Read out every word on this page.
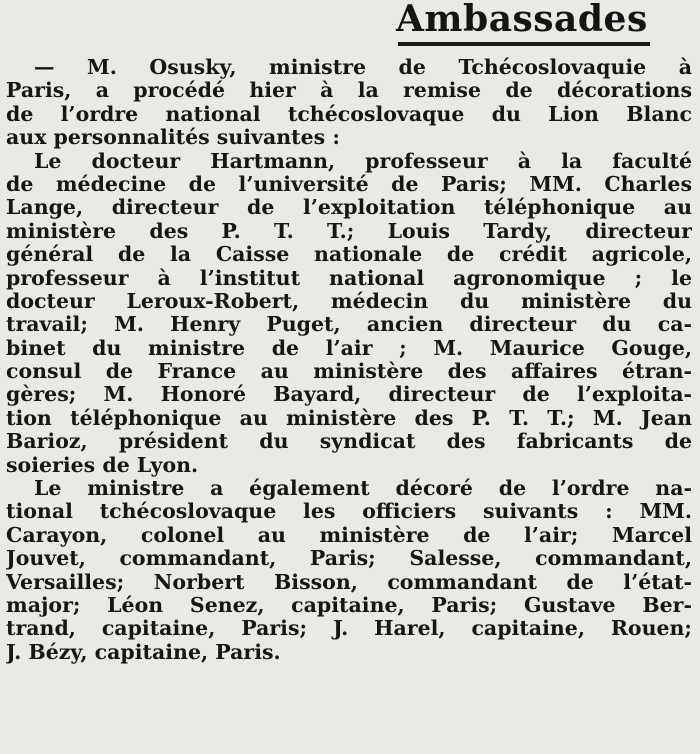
Ambassades
— M. Osusky, ministre de Tchécoslovaquie à
Paris, a procédé hier à la remise de décorations
de l’ordre national tchécoslovaque du Lion Blanc
aux personnalités suivantes :
Le docteur Hartmann, professeur à la faculté
de médecine de l’université de Paris; MM. Charles
Lange, directeur de l’exploitation téléphonique au
ministère des P. T. T.; Louis Tardy, directeur
général de la Caisse nationale de crédit agricole,
professeur à l’institut national agronomique ; le
docteur Leroux-Robert, médecin du ministère du
travail; M. Henry Puget, ancien directeur du ca-
binet du ministre de l’air ; M. Maurice Gouge,
consul de France au ministère des affaires étran-
gères; M. Honoré Bayard, directeur de l’exploita-
tion téléphonique au ministère des P. T. T.; M. Jean
Barioz, président du syndicat des fabricants de
soieries de Lyon.
Le ministre a également décoré de l’ordre na-
tional tchécoslovaque les officiers suivants : MM.
Carayon, colonel au ministère de l’air; Marcel
Jouvet, commandant, Paris; Salesse, commandant,
Versailles; Norbert Bisson, commandant de l’état-
major; Léon Senez, capitaine, Paris; Gustave Ber-
trand, capitaine, Paris; J. Harel, capitaine, Rouen;
J. Bézy, capitaine, Paris.
